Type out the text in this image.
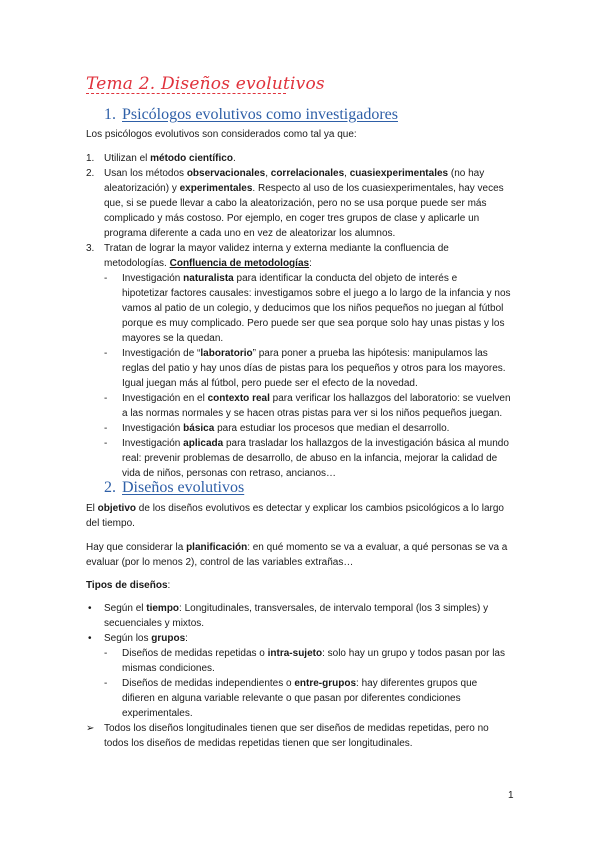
Tema 2. Diseños evolutivos
1. Psicólogos evolutivos como investigadores
Los psicólogos evolutivos son considerados como tal ya que:
1. Utilizan el método científico.
2. Usan los métodos observacionales, correlacionales, cuasiexperimentales (no hay
aleatorización) y experimentales. Respecto al uso de los cuasiexperimentales, hay veces
que, si se puede llevar a cabo la aleatorización, pero no se usa porque puede ser más
complicado y más costoso. Por ejemplo, en coger tres grupos de clase y aplicarle un
programa diferente a cada uno en vez de aleatorizar los alumnos.
3. Tratan de lograr la mayor validez interna y externa mediante la confluencia de
metodologías. Confluencia de metodologías:
- Investigación naturalista para identificar la conducta del objeto de interés e
hipotetizar factores causales: investigamos sobre el juego a lo largo de la infancia y nos
vamos al patio de un colegio, y deducimos que los niños pequeños no juegan al fútbol
porque es muy complicado. Pero puede ser que sea porque solo hay unas pistas y los
mayores se la quedan.
- Investigación de “laboratorio” para poner a prueba las hipótesis: manipulamos las
reglas del patio y hay unos días de pistas para los pequeños y otros para los mayores.
Igual juegan más al fútbol, pero puede ser el efecto de la novedad.
- Investigación en el contexto real para verificar los hallazgos del laboratorio: se vuelven
a las normas normales y se hacen otras pistas para ver si los niños pequeños juegan.
- Investigación básica para estudiar los procesos que median el desarrollo.
- Investigación aplicada para trasladar los hallazgos de la investigación básica al mundo
real: prevenir problemas de desarrollo, de abuso en la infancia, mejorar la calidad de
vida de niños, personas con retraso, ancianos…
2. Diseños evolutivos
El objetivo de los diseños evolutivos es detectar y explicar los cambios psicológicos a lo largo
del tiempo.
Hay que considerar la planificación: en qué momento se va a evaluar, a qué personas se va a
evaluar (por lo menos 2), control de las variables extrañas…
Tipos de diseños:
• Según el tiempo: Longitudinales, transversales, de intervalo temporal (los 3 simples) y
secuenciales y mixtos.
• Según los grupos:
- Diseños de medidas repetidas o intra-sujeto: solo hay un grupo y todos pasan por las
mismas condiciones.
- Diseños de medidas independientes o entre-grupos: hay diferentes grupos que
difieren en alguna variable relevante o que pasan por diferentes condiciones
experimentales.
➢ Todos los diseños longitudinales tienen que ser diseños de medidas repetidas, pero no
todos los diseños de medidas repetidas tienen que ser longitudinales.
1
